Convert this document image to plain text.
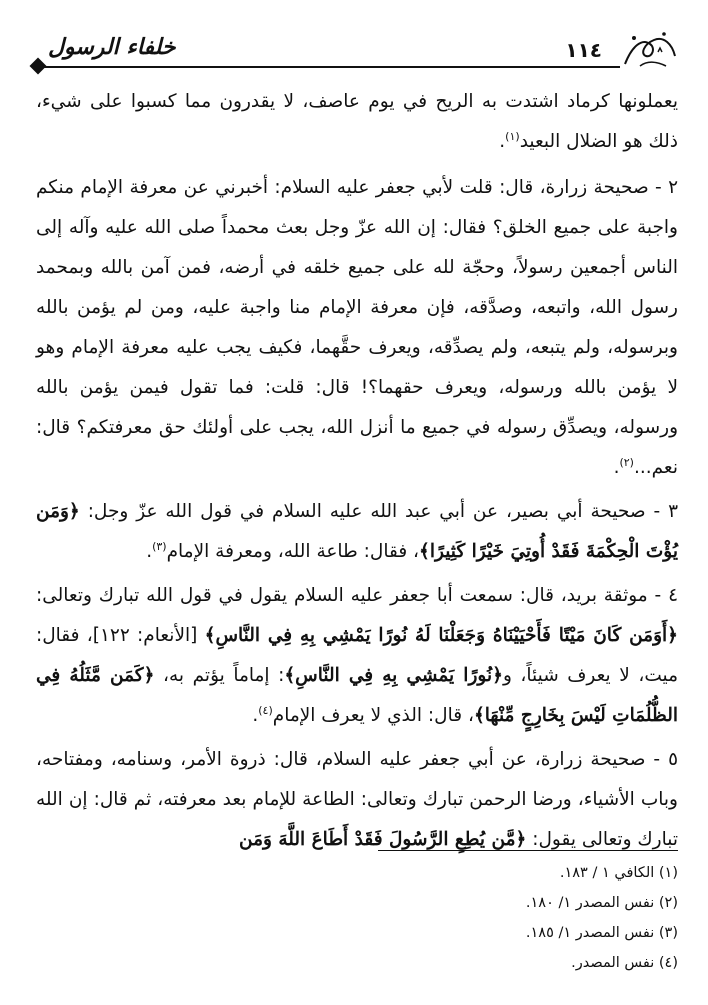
خلفاء الرسول	١١٤

يعملونها كرماد اشتدت به الريح في يوم عاصف، لا يقدرون مما كسبوا على شيء، ذلك هو الضلال البعيد$^{(١)}$.

٢ - صحيحة زرارة، قال: قلت لأبي جعفر عليه السلام: أخبرني عن معرفة الإمام منكم واجبة على جميع الخلق؟ فقال: إن الله عزّ وجل بعث محمداً صلى الله عليه وآله إلى الناس أجمعين رسولاً، وحجّة لله على جميع خلقه في أرضه، فمن آمن بالله وبمحمد رسول الله، واتبعه، وصدَّقه، فإن معرفة الإمام منا واجبة عليه، ومن لم يؤمن بالله وبرسوله، ولم يتبعه، ولم يصدِّقه، ويعرف حقَّهما، فكيف يجب عليه معرفة الإمام وهو لا يؤمن بالله ورسوله، ويعرف حقهما؟! قال: قلت: فما تقول فيمن يؤمن بالله ورسوله، ويصدِّق رسوله في جميع ما أنزل الله، يجب على أولئك حق معرفتكم؟ قال: نعم...$^{(٢)}$.

٣ - صحيحة أبي بصير، عن أبي عبد الله عليه السلام في قول الله عزّ وجل: ﴿وَمَن يُؤْتَ الْحِكْمَةَ فَقَدْ أُوتِيَ خَيْرًا كَثِيرًا﴾، فقال: طاعة الله، ومعرفة الإمام$^{(٣)}$.

٤ - موثقة بريد، قال: سمعت أبا جعفر عليه السلام يقول في قول الله تبارك وتعالى: ﴿أَوَمَن كَانَ مَيْتًا فَأَحْيَيْنَاهُ وَجَعَلْنَا لَهُ نُورًا يَمْشِي بِهِ فِي النَّاسِ﴾ [الأنعام: ١٢٢]، فقال: ميت، لا يعرف شيئاً، و﴿نُورًا يَمْشِي بِهِ فِي النَّاسِ﴾: إماماً يؤتم به، ﴿كَمَن مَّثَلُهُ فِي الظُّلُمَاتِ لَيْسَ بِخَارِجٍ مِّنْهَا﴾، قال: الذي لا يعرف الإمام$^{(٤)}$.

٥ - صحيحة زرارة، عن أبي جعفر عليه السلام، قال: ذروة الأمر، وسنامه، ومفتاحه، وباب الأشياء، ورضا الرحمن تبارك وتعالى: الطاعة للإمام بعد معرفته، ثم قال: إن الله تبارك وتعالى يقول: ﴿مَّن يُطِعِ الرَّسُولَ فَقَدْ أَطَاعَ اللَّهَ وَمَن

(١) الكافي ١ / ١٨٣.

(٢) نفس المصدر ١/ ١٨٠.

(٣) نفس المصدر ١/ ١٨٥.

(٤) نفس المصدر.
